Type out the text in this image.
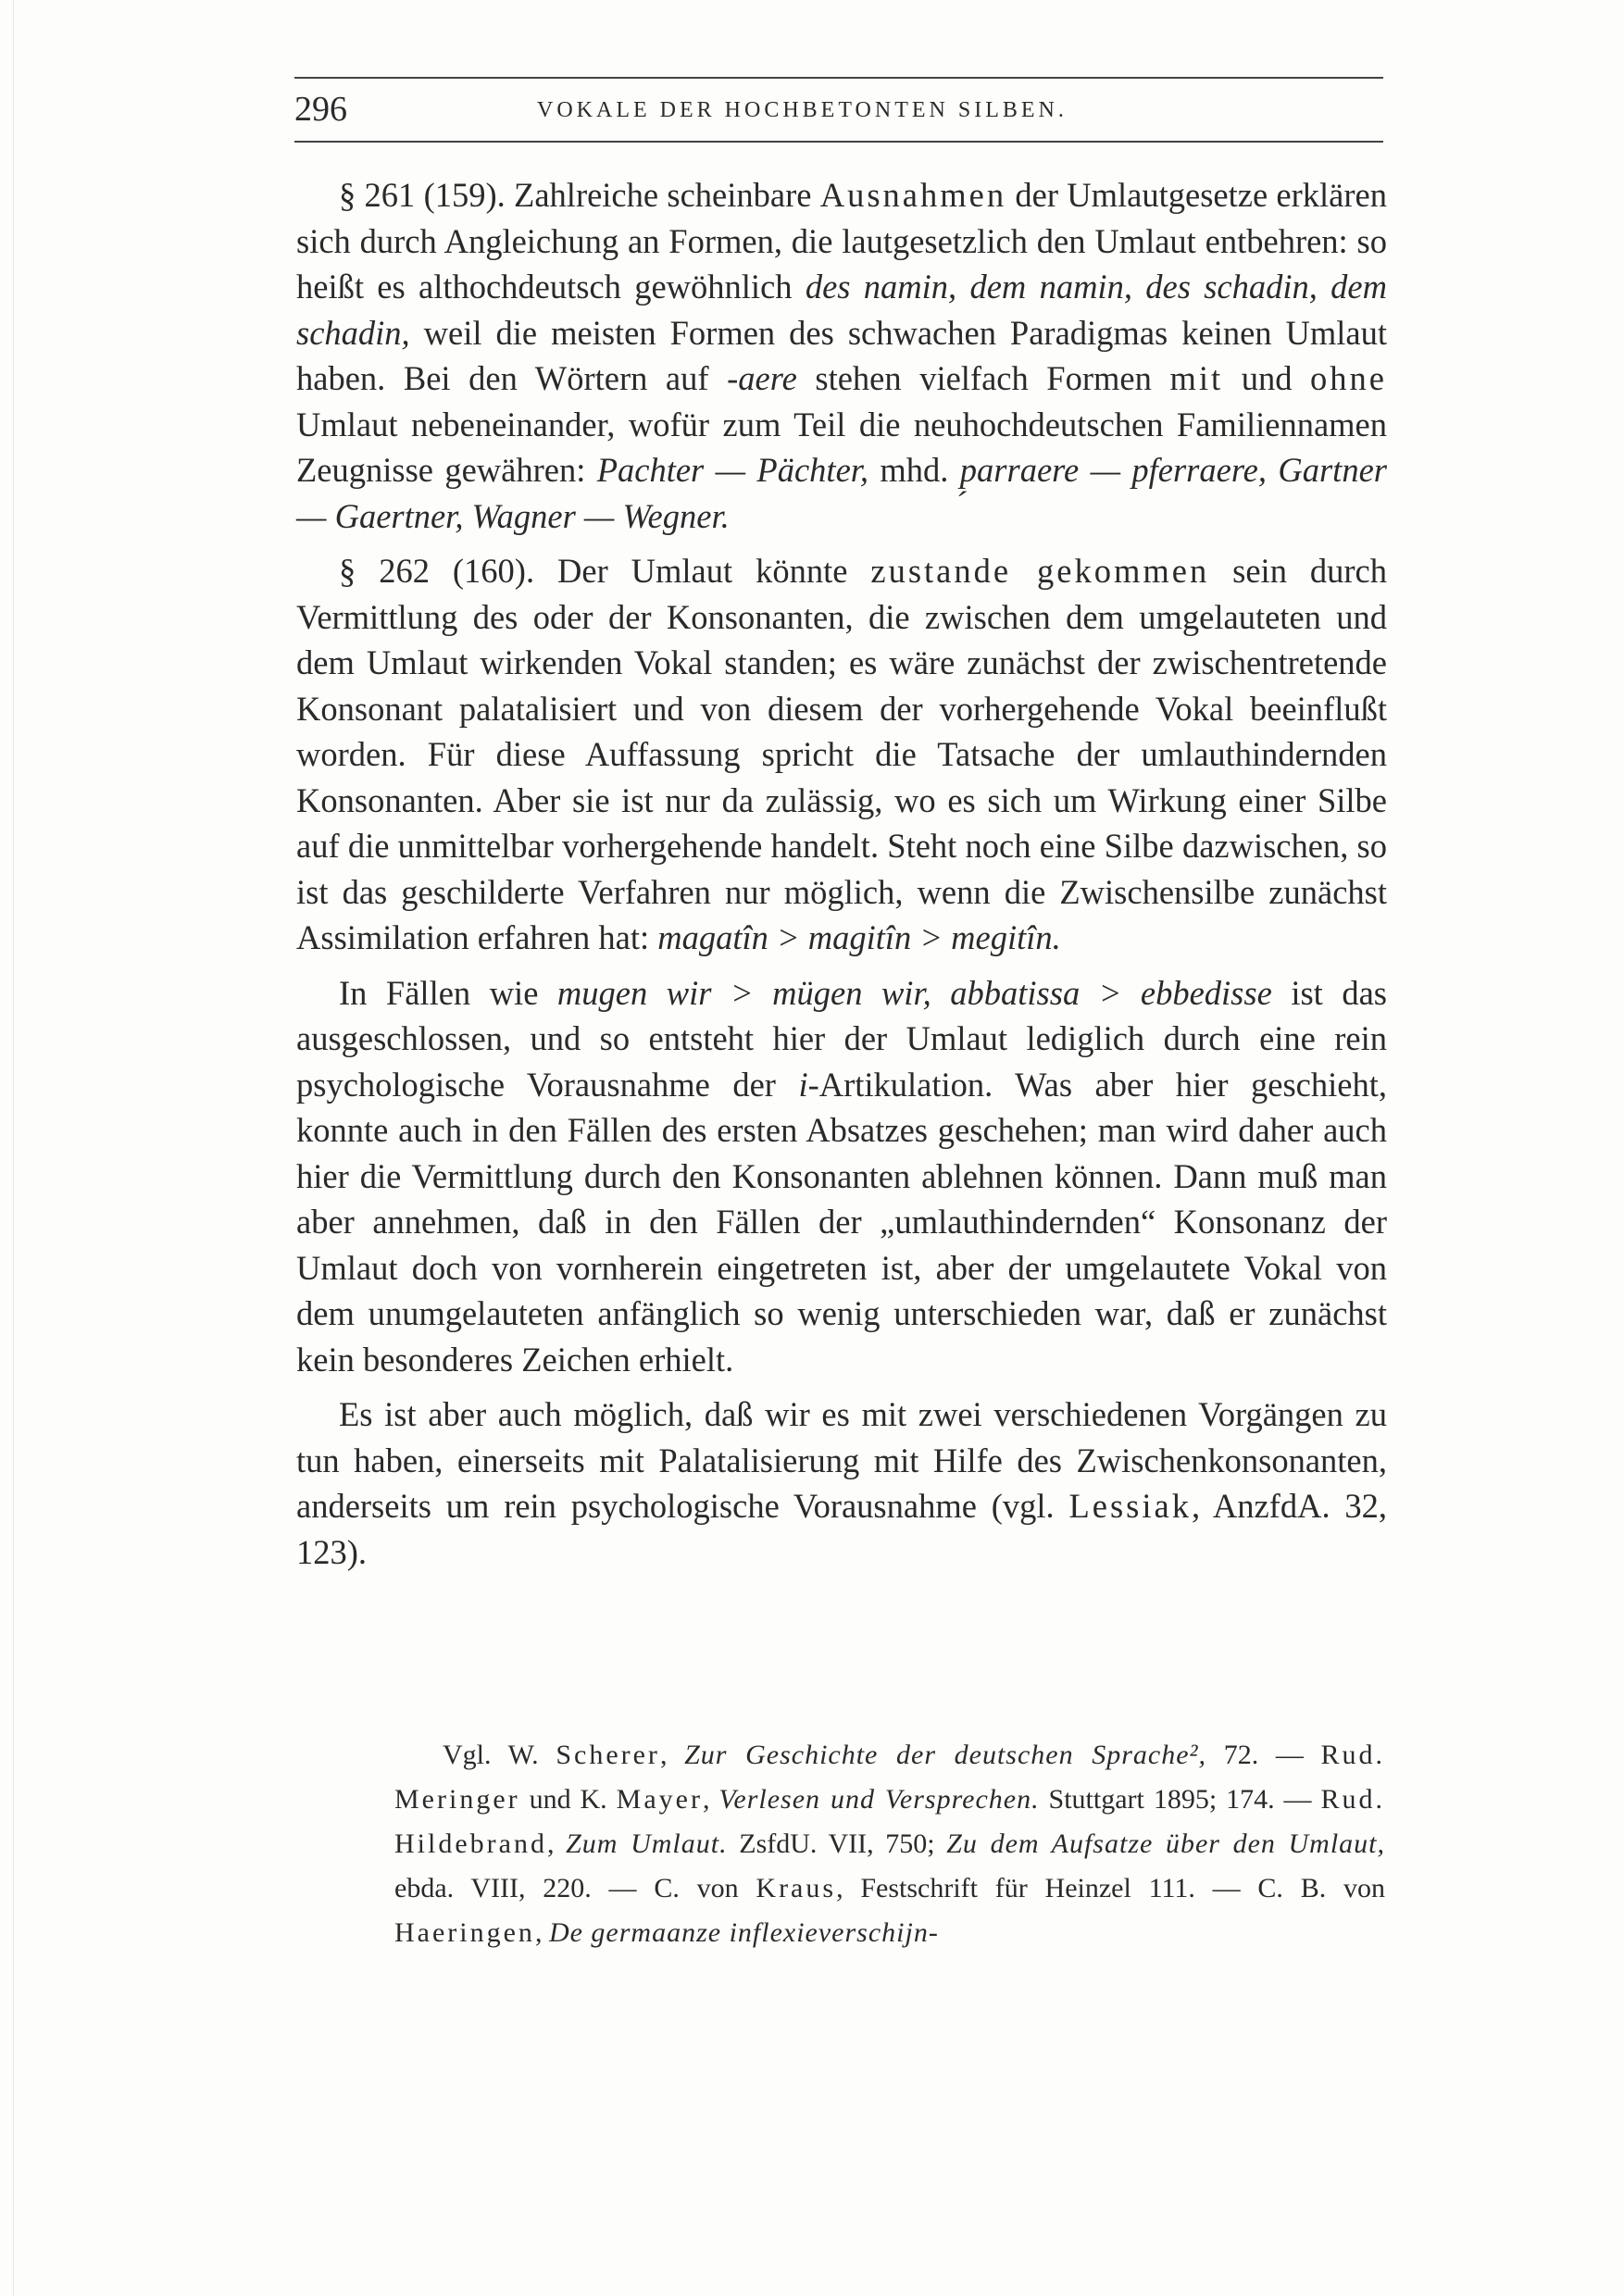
296	VOKALE DER HOCHBETONTEN SILBEN.

§ 261 (159). Zahlreiche scheinbare Ausnahmen der Umlautgesetze erklären sich durch Angleichung an Formen, die lautgesetzlich den Umlaut entbehren: so heißt es althochdeutsch gewöhnlich des namin, dem namin, des schadin, dem schadin, weil die meisten Formen des schwachen Paradigmas keinen Umlaut haben. Bei den Wörtern auf -aere stehen vielfach Formen mit und ohne Umlaut nebeneinander, wofür zum Teil die neuhochdeutschen Familiennamen Zeugnisse gewähren: Pachter — Pächter, mhd. p̗arraere — pferraere, Gartner — Gaertner, Wagner — Wegner.

§ 262 (160). Der Umlaut könnte zustande gekommen sein durch Vermittlung des oder der Konsonanten, die zwischen dem umgelauteten und dem Umlaut wirkenden Vokal standen; es wäre zunächst der zwischentretende Konsonant palatalisiert und von diesem der vorhergehende Vokal beeinflußt worden. Für diese Auffassung spricht die Tatsache der umlauthindernden Konsonanten. Aber sie ist nur da zulässig, wo es sich um Wirkung einer Silbe auf die unmittelbar vorhergehende handelt. Steht noch eine Silbe dazwischen, so ist das geschilderte Verfahren nur möglich, wenn die Zwischensilbe zunächst Assimilation erfahren hat: magatîn > magitîn > megitîn.

In Fällen wie mugen wir > mügen wir, abbatissa > ebbedisse ist das ausgeschlossen, und so entsteht hier der Umlaut lediglich durch eine rein psychologische Vorausnahme der i-Artikulation. Was aber hier geschieht, konnte auch in den Fällen des ersten Absatzes geschehen; man wird daher auch hier die Vermittlung durch den Konsonanten ablehnen können. Dann muß man aber annehmen, daß in den Fällen der „umlauthindernden“ Konsonanz der Umlaut doch von vornherein eingetreten ist, aber der umgelautete Vokal von dem unumgelauteten anfänglich so wenig unterschieden war, daß er zunächst kein besonderes Zeichen erhielt.

Es ist aber auch möglich, daß wir es mit zwei verschiedenen Vorgängen zu tun haben, einerseits mit Palatalisierung mit Hilfe des Zwischenkonsonanten, anderseits um rein psychologische Vorausnahme (vgl. Lessiak, AnzfdA. 32, 123).

Vgl. W. Scherer, Zur Geschichte der deutschen Sprache², 72. — Rud. Meringer und K. Mayer, Verlesen und Versprechen. Stuttgart 1895; 174. — Rud. Hildebrand, Zum Umlaut. ZsfdU. VII, 750; Zu dem Aufsatze über den Umlaut, ebda. VIII, 220. — C. von Kraus, Festschrift für Heinzel 111. — C. B. von Haeringen, De germaanze inflexieverschijn-
